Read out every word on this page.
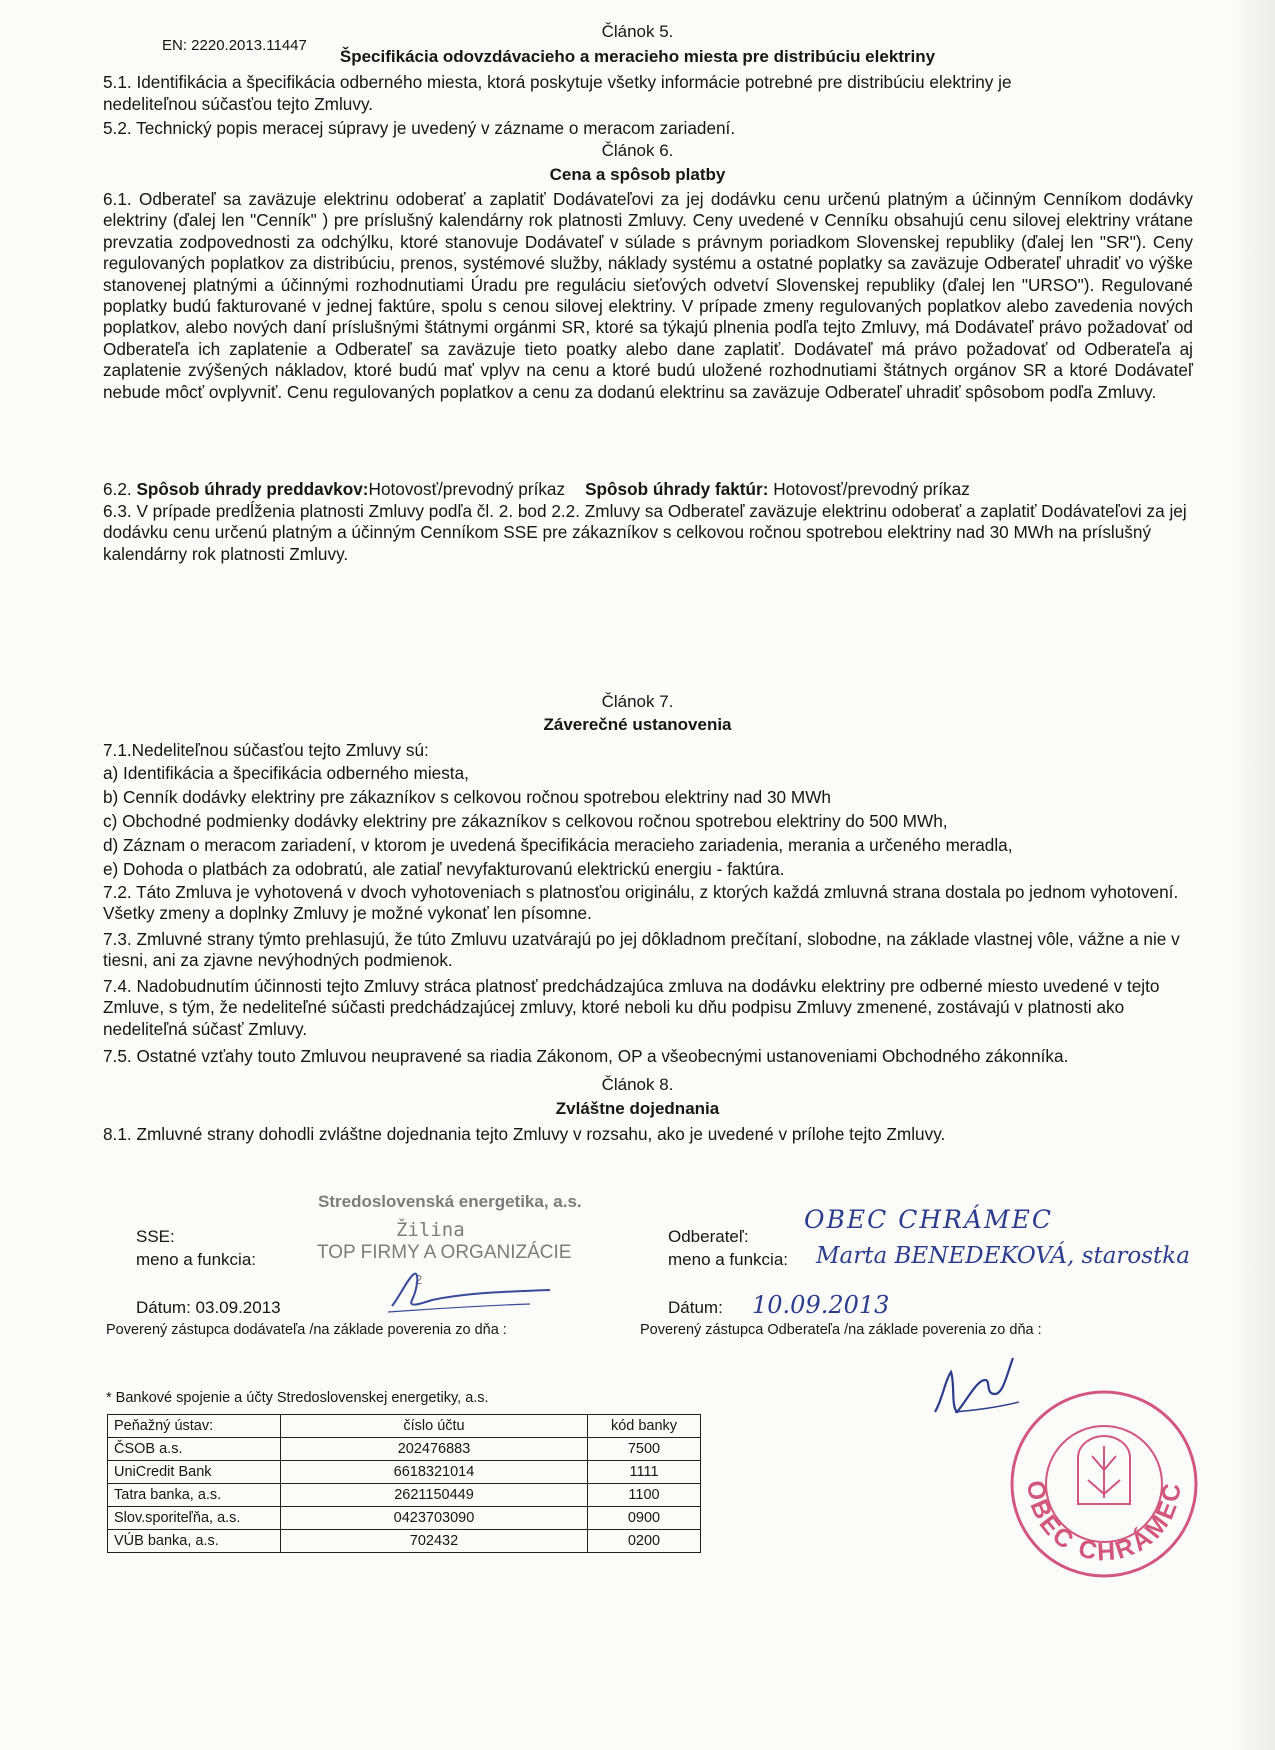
EN: 2220.2013.11447
Článok 5.
Špecifikácia odovzdávacieho a meracieho miesta pre distribúciu elektriny
5.1. Identifikácia a špecifikácia odberného miesta, ktorá poskytuje všetky informácie potrebné pre distribúciu elektriny je
nedeliteľnou súčasťou tejto Zmluvy.
5.2. Technický popis meracej súpravy je uvedený v zázname o meracom zariadení.
Článok 6.
Cena a spôsob platby

6.1. Odberateľ sa zaväzuje elektrinu odoberať a zaplatiť Dodávateľovi za jej dodávku cenu určenú platným a účinným Cenníkom dodávky elektriny (ďalej len "Cenník" ) pre príslušný kalendárny rok platnosti Zmluvy. Ceny uvedené v Cenníku obsahujú cenu silovej elektriny vrátane prevzatia zodpovednosti za odchýlku, ktoré stanovuje Dodávateľ v súlade s právnym poriadkom Slovenskej republiky (ďalej len "SR"). Ceny regulovaných poplatkov za distribúciu, prenos, systémové služby, náklady systému a ostatné poplatky sa zaväzuje Odberateľ uhradiť vo výške stanovenej platnými a účinnými rozhodnutiami Úradu pre reguláciu sieťových odvetví Slovenskej republiky (ďalej len "URSO"). Regulované poplatky budú fakturované v jednej faktúre, spolu s cenou silovej elektriny. V prípade zmeny regulovaných poplatkov alebo zavedenia nových poplatkov, alebo nových daní príslušnými štátnymi orgánmi SR, ktoré sa týkajú plnenia podľa tejto Zmluvy, má Dodávateľ právo požadovať od Odberateľa ich zaplatenie a Odberateľ sa zaväzuje tieto poatky alebo dane zaplatiť. Dodávateľ má právo požadovať od Odberateľa aj zaplatenie zvýšených nákladov, ktoré budú mať vplyv na cenu a ktoré budú uložené rozhodnutiami štátnych orgánov SR a ktoré Dodávateľ nebude môcť ovplyvniť. Cenu regulovaných poplatkov a cenu za dodanú elektrinu sa zaväzuje Odberateľ uhradiť spôsobom podľa Zmluvy.

6.2. Spôsob úhrady preddavkov:Hotovosť/prevodný príkaz Spôsob úhrady faktúr: Hotovosť/prevodný príkaz

6.3. V prípade predĺženia platnosti Zmluvy podľa čl. 2. bod 2.2. Zmluvy sa Odberateľ zaväzuje elektrinu odoberať a zaplatiť Dodávateľovi za jej dodávku cenu určenú platným a účinným Cenníkom SSE pre zákazníkov s celkovou ročnou spotrebou elektriny nad 30 MWh na príslušný kalendárny rok platnosti Zmluvy.

Článok 7.
Záverečné ustanovenia
7.1.Nedeliteľnou súčasťou tejto Zmluvy sú:
a) Identifikácia a špecifikácia odberného miesta,
b) Cenník dodávky elektriny pre zákazníkov s celkovou ročnou spotrebou elektriny nad 30 MWh
c) Obchodné podmienky dodávky elektriny pre zákazníkov s celkovou ročnou spotrebou elektriny do 500 MWh,
d) Záznam o meracom zariadení, v ktorom je uvedená špecifikácia meracieho zariadenia, merania a určeného meradla,
e) Dohoda o platbách za odobratú, ale zatiaľ nevyfakturovanú elektrickú energiu - faktúra.

7.2. Táto Zmluva je vyhotovená v dvoch vyhotoveniach s platnosťou originálu, z ktorých každá zmluvná strana dostala po jednom vyhotovení. Všetky zmeny a doplnky Zmluvy je možné vykonať len písomne.

7.3. Zmluvné strany týmto prehlasujú, že túto Zmluvu uzatvárajú po jej dôkladnom prečítaní, slobodne, na základe vlastnej vôle, vážne a nie v tiesni, ani za zjavne nevýhodných podmienok.

7.4. Nadobudnutím účinnosti tejto Zmluvy stráca platnosť predchádzajúca zmluva na dodávku elektriny pre odberné miesto uvedené v tejto Zmluve, s tým, že nedeliteľné súčasti predchádzajúcej zmluvy, ktoré neboli ku dňu podpisu Zmluvy zmenené, zostávajú v platnosti ako nedeliteľná súčasť Zmluvy.

7.5. Ostatné vzťahy touto Zmluvou neupravené sa riadia Zákonom, OP a všeobecnými ustanoveniami Obchodného zákonníka.
Článok 8.
Zvláštne dojednania
8.1. Zmluvné strany dohodli zvláštne dojednania tejto Zmluvy v rozsahu, ako je uvedené v prílohe tejto Zmluvy.
Stredoslovenská energetika, a.s.
Žilina
TOP FIRMY A ORGANIZÁCIE
2
SSE:
meno a funkcia:
Dátum: 03.09.2013
Poverený zástupca dodávateľa /na základe poverenia zo dňa :
Odberateľ:
meno a funkcia:
Dátum:
Poverený zástupca Odberateľa /na základe poverenia zo dňa :
OBEC CHRÁMEC
Marta BENEDEKOVÁ, starostka
10.09.2013
OBEC CHRÁMEC
* Bankové spojenie a účty Stredoslovenskej energetiky, a.s.
Peňažný ústav:	číslo účtu	kód banky
ČSOB a.s.	202476883	7500
UniCredit Bank	6618321014	1111
Tatra banka, a.s.	2621150449	1100
Slov.sporiteľňa, a.s.	0423703090	0900
VÚB banka, a.s.	702432	0200
